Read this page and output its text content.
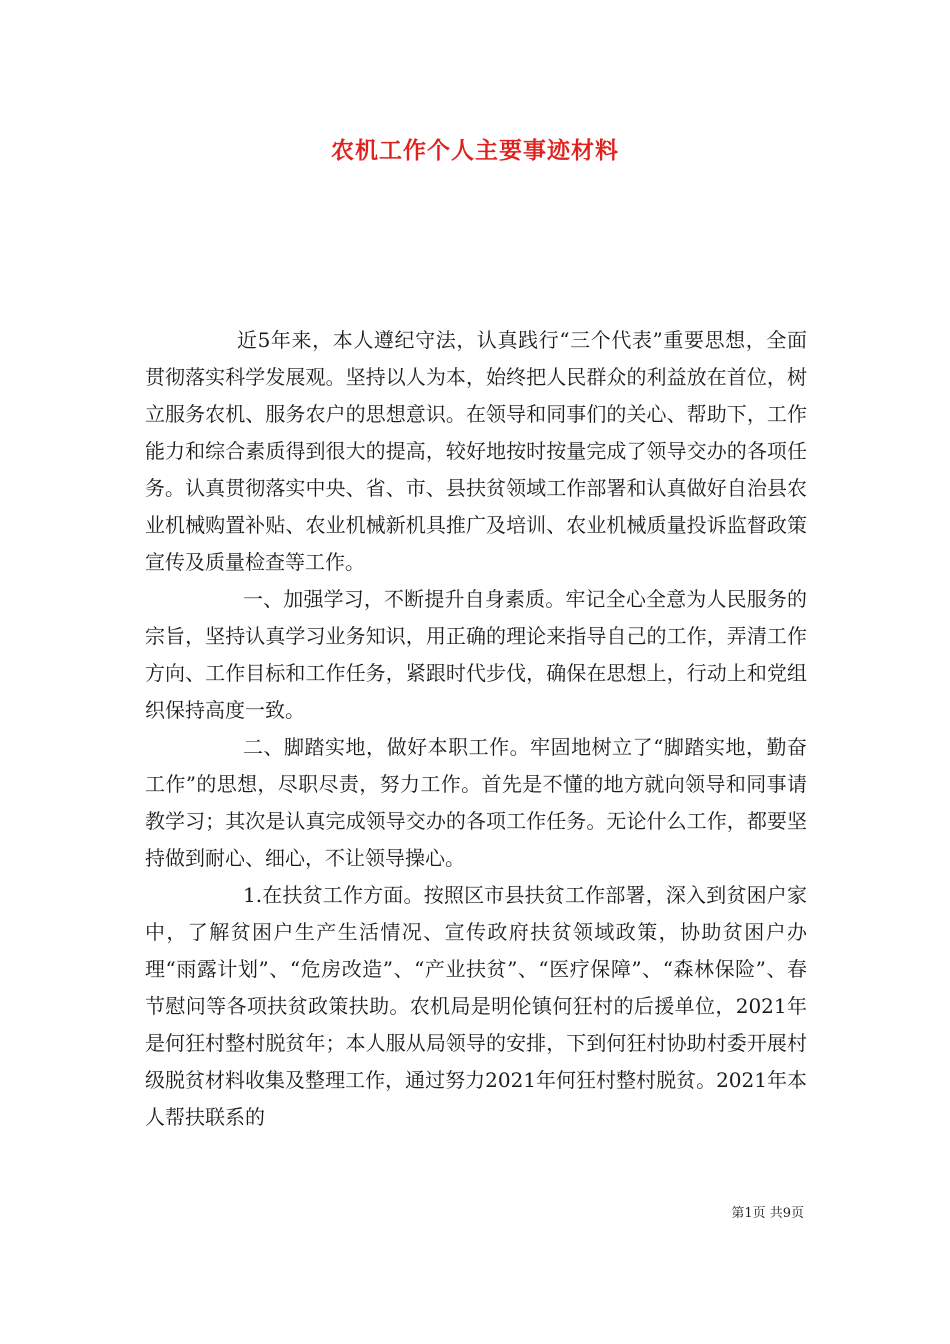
农机工作个人主要事迹材料

近5年来，本人遵纪守法，认真践行“三个代表”重要思想，全面贯彻落实科学发展观。坚持以人为本，始终把人民群众的利益放在首位，树立服务农机、服务农户的思想意识。在领导和同事们的关心、帮助下，工作能力和综合素质得到很大的提高，较好地按时按量完成了领导交办的各项任务。认真贯彻落实中央、省、市、县扶贫领域工作部署和认真做好自治县农业机械购置补贴、农业机械新机具推广及培训、农业机械质量投诉监督政策宣传及质量检查等工作。

一、加强学习，不断提升自身素质。牢记全心全意为人民服务的宗旨，坚持认真学习业务知识，用正确的理论来指导自己的工作，弄清工作方向、工作目标和工作任务，紧跟时代步伐，确保在思想上，行动上和党组织保持高度一致。

二、脚踏实地，做好本职工作。牢固地树立了“脚踏实地，勤奋工作”的思想，尽职尽责，努力工作。首先是不懂的地方就向领导和同事请教学习；其次是认真完成领导交办的各项工作任务。无论什么工作，都要坚持做到耐心、细心，不让领导操心。

1.在扶贫工作方面。按照区市县扶贫工作部署，深入到贫困户家中，了解贫困户生产生活情况、宣传政府扶贫领域政策，协助贫困户办理“雨露计划”、“危房改造”、“产业扶贫”、“医疗保障”、“森林保险”、春节慰问等各项扶贫政策扶助。农机局是明伦镇何狂村的后援单位，2021年是何狂村整村脱贫年；本人服从局领导的安排，下到何狂村协助村委开展村级脱贫材料收集及整理工作，通过努力2021年何狂村整村脱贫。2021年本人帮扶联系的

第1页 共9页
